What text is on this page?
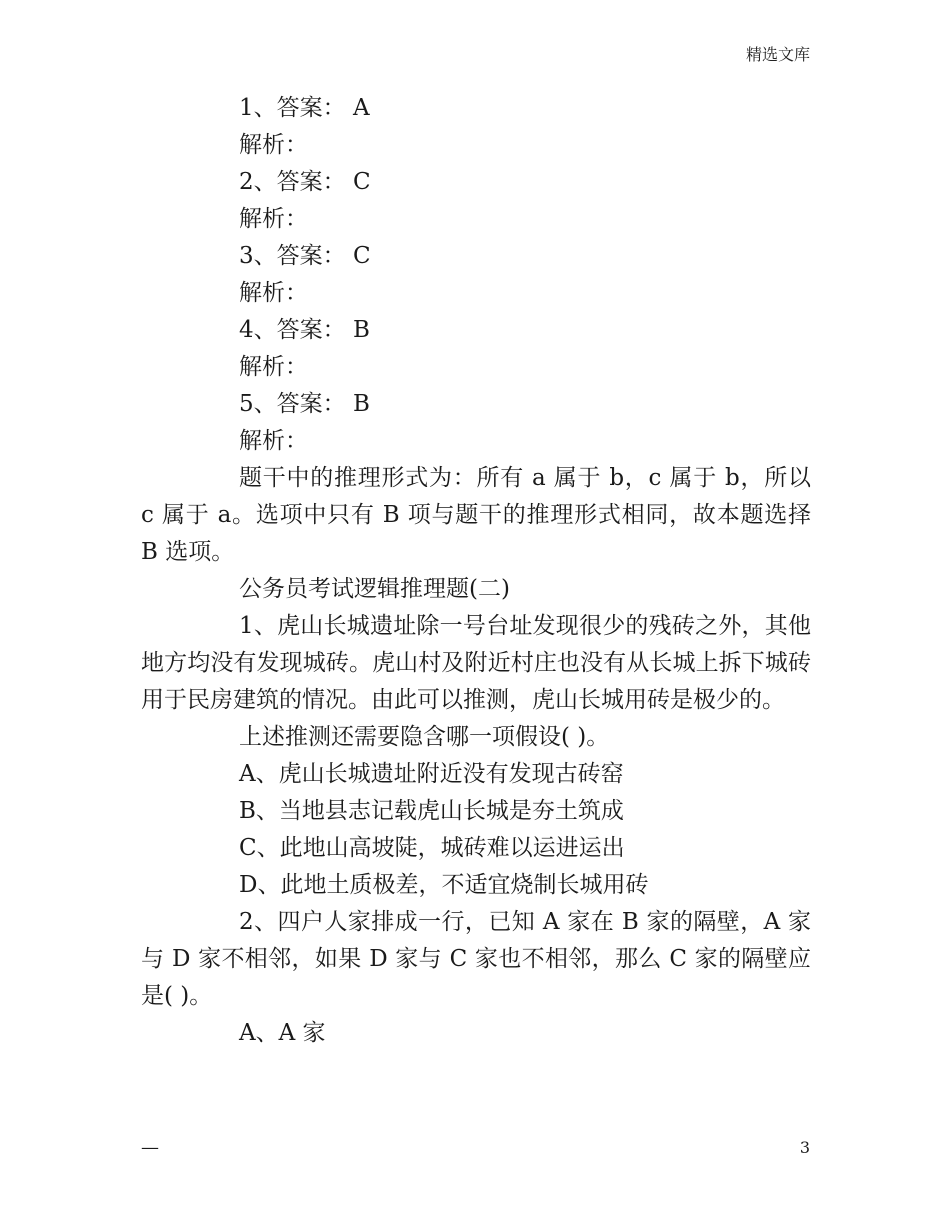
精选文库

1、答案： A

解析：

2、答案： C

解析：

3、答案： C

解析：

4、答案： B

解析：

5、答案： B

解析：

题干中的推理形式为：所有 a 属于 b，c 属于 b，所以 c 属于 a。选项中只有 B 项与题干的推理形式相同，故本题选择 B 选项。

公务员考试逻辑推理题(二)

1、虎山长城遗址除一号台址发现很少的残砖之外，其他地方均没有发现城砖。虎山村及附近村庄也没有从长城上拆下城砖用于民房建筑的情况。由此可以推测，虎山长城用砖是极少的。

上述推测还需要隐含哪一项假设( )。

A、虎山长城遗址附近没有发现古砖窑

B、当地县志记载虎山长城是夯土筑成

C、此地山高坡陡，城砖难以运进运出

D、此地土质极差，不适宜烧制长城用砖

2、四户人家排成一行，已知 A 家在 B 家的隔壁，A 家与 D 家不相邻，如果 D 家与 C 家也不相邻，那么 C 家的隔壁应是( )。

A、A 家

—	3
